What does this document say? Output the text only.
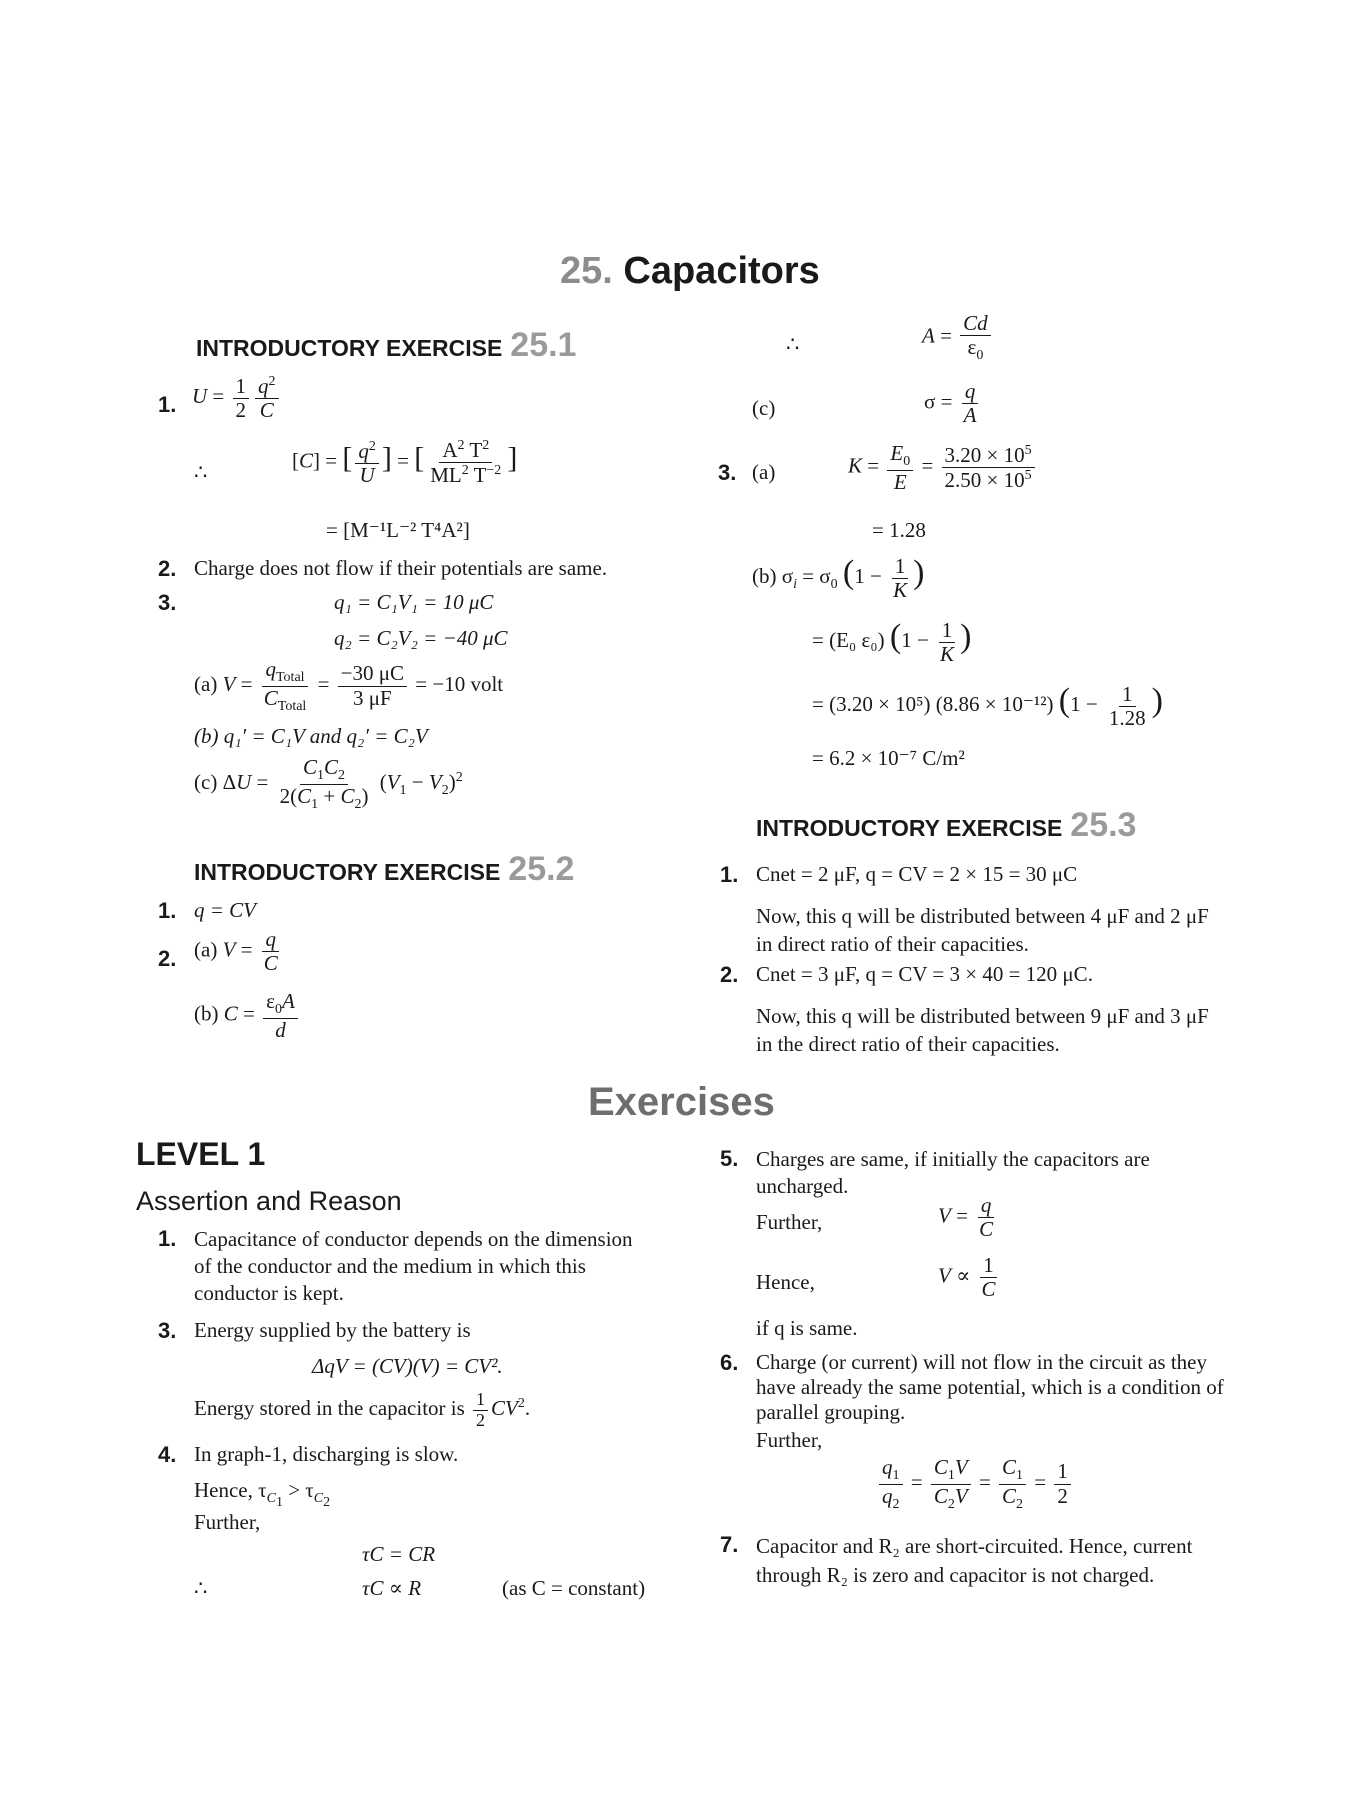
25. Capacitors
INTRODUCTORY EXERCISE 25.1
1. $U = \frac{1}{2} \frac{q^2}{C}$
∴	[C] = [ $\frac{q^2}{U}$ ] = [ $\frac{A^2 T^2}{ML^2 T^{-2}}$ ]
= [M⁻¹L⁻² T⁴A²]
2. Charge does not flow if their potentials are same.
3.	q₁ = C₁V₁ = 10 μC
q₂ = C₂V₂ = −40 μC
(a) $V = \frac{q_{Total}}{C_{Total}} = \frac{-30 \mu C}{3 \mu F} = -10$ volt
(b) q₁′ = C₁V and q₂′ = C₂V
(c) $\Delta U = \frac{C_1C_2}{2(C_1 + C_2)} (V_1 - V_2)^2$
INTRODUCTORY EXERCISE 25.2
1. q = CV
2. (a) $V = \frac{q}{C}$
(b) $C = \frac{\varepsilon_0A}{d}$
∴	$A = \frac{Cd}{\varepsilon_0}$
(c)	$\sigma = \frac{q}{A}$
3. (a)	$K = \frac{E_0}{E} = \frac{3.20 \times 10^5}{2.50 \times 10^5}$
= 1.28
(b) $\sigma_i = \sigma_0$ ($1 - \frac{1}{K}$ )
= (E₀ ε₀) ($1 - \frac{1}{K}$ )
= (3.20 × 10⁵) (8.86 × 10⁻¹²) ($1 - \frac{1}{1.28}$ )
= 6.2 × 10⁻⁷ C/m²
INTRODUCTORY EXERCISE 25.3
1. Cnet = 2 μF, q = CV = 2 × 15 = 30 μC
Now, this q will be distributed between 4 μF and 2 μF in direct ratio of their capacities.
2. Cnet = 3 μF, q = CV = 3 × 40 = 120 μC.
Now, this q will be distributed between 9 μF and 3 μF in the direct ratio of their capacities.
Exercises
LEVEL 1
Assertion and Reason
1. Capacitance of conductor depends on the dimension of the conductor and the medium in which this conductor is kept.
3. Energy supplied by the battery is
ΔqV = (CV)(V) = CV².
Energy stored in the capacitor is $\frac{1}{2} CV^2$.
4. In graph-1, discharging is slow.
Hence, $\tau_{C_1} > \tau_{C_2}$
Further,
τC = CR
∴	τC ∝ R	(as C = constant)
5. Charges are same, if initially the capacitors are uncharged.
Further,	$V = \frac{q}{C}$
Hence,	$V \propto \frac{1}{C}$
if q is same.
6. Charge (or current) will not flow in the circuit as they have already the same potential, which is a condition of parallel grouping.
Further,
$\frac{q_1}{q_2} = \frac{C_1V}{C_2V} = \frac{C_1}{C_2} = \frac{1}{2}$
7. Capacitor and R₂ are short-circuited. Hence, current through R₂ is zero and capacitor is not charged.
